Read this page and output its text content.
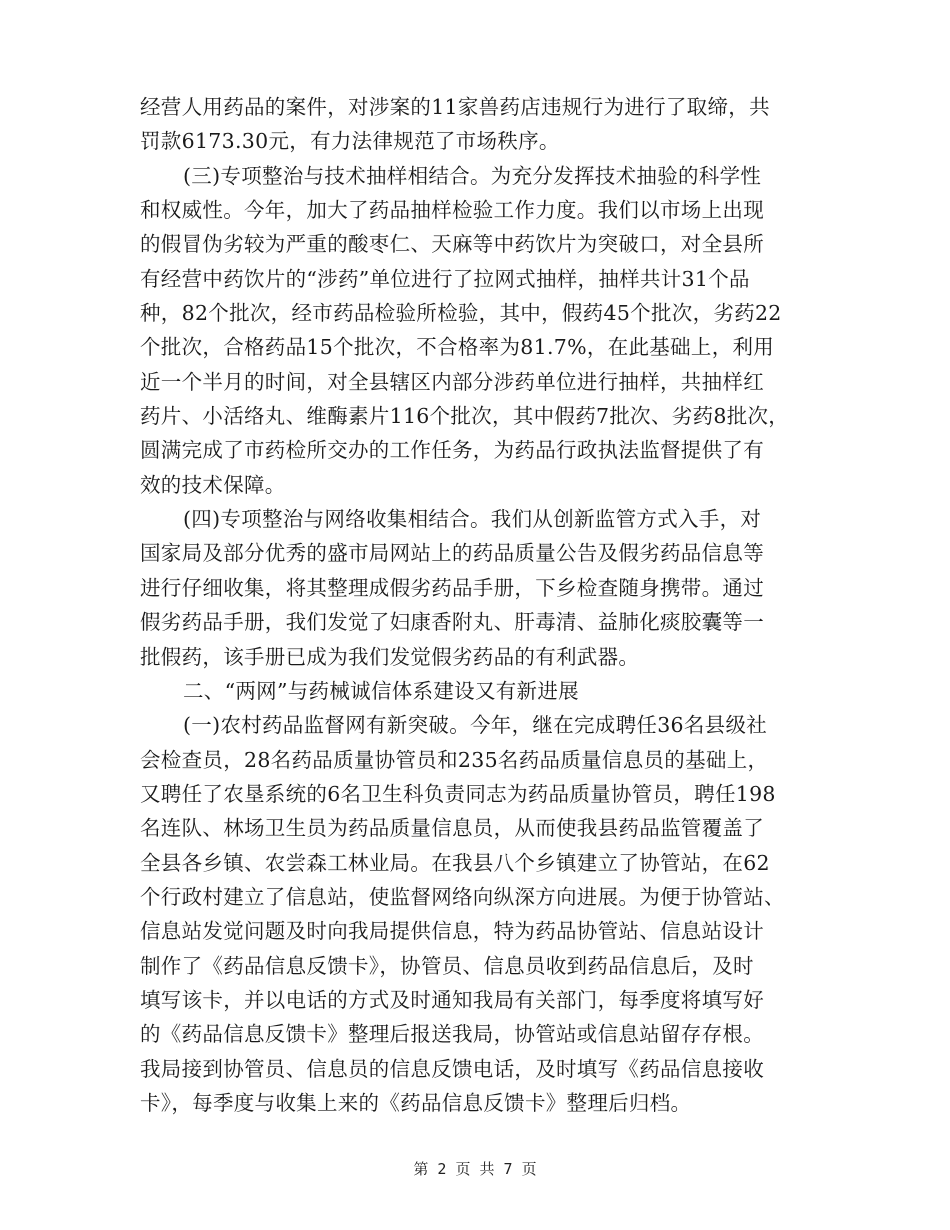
经营人用药品的案件，对涉案的11家兽药店违规行为进行了取缔，共
罚款6173.30元，有力法律规范了市场秩序。
(三)专项整治与技术抽样相结合。为充分发挥技术抽验的科学性
和权威性。今年，加大了药品抽样检验工作力度。我们以市场上出现
的假冒伪劣较为严重的酸枣仁、天麻等中药饮片为突破口，对全县所
有经营中药饮片的“涉药”单位进行了拉网式抽样，抽样共计31个品
种，82个批次，经市药品检验所检验，其中，假药45个批次，劣药22
个批次，合格药品15个批次，不合格率为81.7%，在此基础上，利用
近一个半月的时间，对全县辖区内部分涉药单位进行抽样，共抽样红
药片、小活络丸、维酶素片116个批次，其中假药7批次、劣药8批次，
圆满完成了市药检所交办的工作任务，为药品行政执法监督提供了有
效的技术保障。
(四)专项整治与网络收集相结合。我们从创新监管方式入手，对
国家局及部分优秀的盛市局网站上的药品质量公告及假劣药品信息等
进行仔细收集，将其整理成假劣药品手册，下乡检查随身携带。通过
假劣药品手册，我们发觉了妇康香附丸、肝毒清、益肺化痰胶囊等一
批假药，该手册已成为我们发觉假劣药品的有利武器。
二、“两网”与药械诚信体系建设又有新进展
(一)农村药品监督网有新突破。今年，继在完成聘任36名县级社
会检查员，28名药品质量协管员和235名药品质量信息员的基础上，
又聘任了农垦系统的6名卫生科负责同志为药品质量协管员，聘任198
名连队、林场卫生员为药品质量信息员，从而使我县药品监管覆盖了
全县各乡镇、农尝森工林业局。在我县八个乡镇建立了协管站，在62
个行政村建立了信息站，使监督网络向纵深方向进展。为便于协管站、
信息站发觉问题及时向我局提供信息，特为药品协管站、信息站设计
制作了《药品信息反馈卡》，协管员、信息员收到药品信息后，及时
填写该卡，并以电话的方式及时通知我局有关部门，每季度将填写好
的《药品信息反馈卡》整理后报送我局，协管站或信息站留存存根。
第 2 页 共 7 页
我局接到协管员、信息员的信息反馈电话，及时填写《药品信息接收
卡》，每季度与收集上来的《药品信息反馈卡》整理后归档。
